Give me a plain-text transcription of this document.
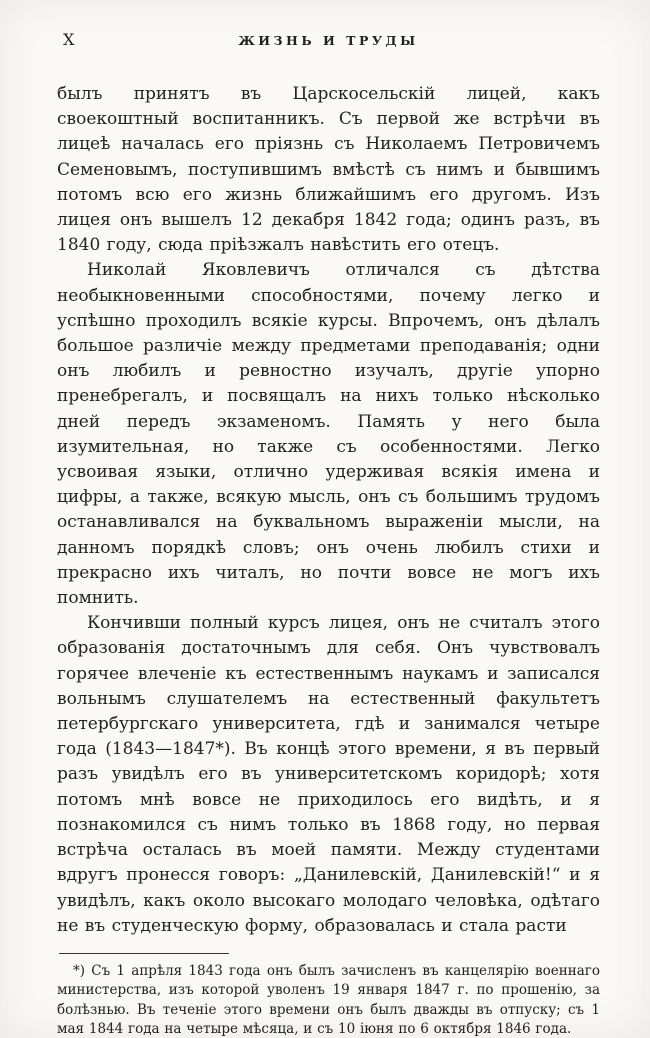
X	ЖИЗНЬ И ТРУДЫ

былъ принятъ въ Царскосельскій лицей, какъ своекоштный воспитанникъ. Съ первой же встрѣчи въ лицеѣ началась его пріязнь съ Николаемъ Петровичемъ Семеновымъ, поступившимъ вмѣстѣ съ нимъ и бывшимъ потомъ всю его жизнь ближайшимъ его другомъ. Изъ лицея онъ вышелъ 12 декабря 1842 года; одинъ разъ, въ 1840 году, сюда пріѣзжалъ навѣстить его отецъ.

Николай Яковлевичъ отличался съ дѣтства необыкновенными способностями, почему легко и успѣшно проходилъ всякіе курсы. Впрочемъ, онъ дѣлалъ большое различіе между предметами преподаванія; одни онъ любилъ и ревностно изучалъ, другіе упорно пренебрегалъ, и посвящалъ на нихъ только нѣсколько дней передъ экзаменомъ. Память у него была изумительная, но также съ особенностями. Легко усвоивая языки, отлично удерживая всякія имена и цифры, а также, всякую мысль, онъ съ большимъ трудомъ останавливался на буквальномъ выраженіи мысли, на данномъ порядкѣ словъ; онъ очень любилъ стихи и прекрасно ихъ читалъ, но почти вовсе не могъ ихъ помнить.

Кончивши полный курсъ лицея, онъ не считалъ этого образованія достаточнымъ для себя. Онъ чувствовалъ горячее влеченіе къ естественнымъ наукамъ и записался вольнымъ слушателемъ на естественный факультетъ петербургскаго университета, гдѣ и занимался четыре года (1843—1847*). Въ концѣ этого времени, я въ первый разъ увидѣлъ его въ университетскомъ коридорѣ; хотя потомъ мнѣ вовсе не приходилось его видѣть, и я познакомился съ нимъ только въ 1868 году, но первая встрѣча осталась въ моей памяти. Между студентами вдругъ пронесся говоръ: „Данилевскій, Данилевскій!“ и я увидѣлъ, какъ около высокаго молодаго человѣка, одѣтаго не въ студенческую форму, образовалась и стала расти

*) Съ 1 апрѣля 1843 года онъ былъ зачисленъ въ канцелярію военнаго министерства, изъ которой уволенъ 19 января 1847 г. по прошенію, за болѣзнью. Въ теченіе этого времени онъ былъ дважды въ отпуску; съ 1 мая 1844 года на четыре мѣсяца, и съ 10 іюня по 6 октября 1846 года.
